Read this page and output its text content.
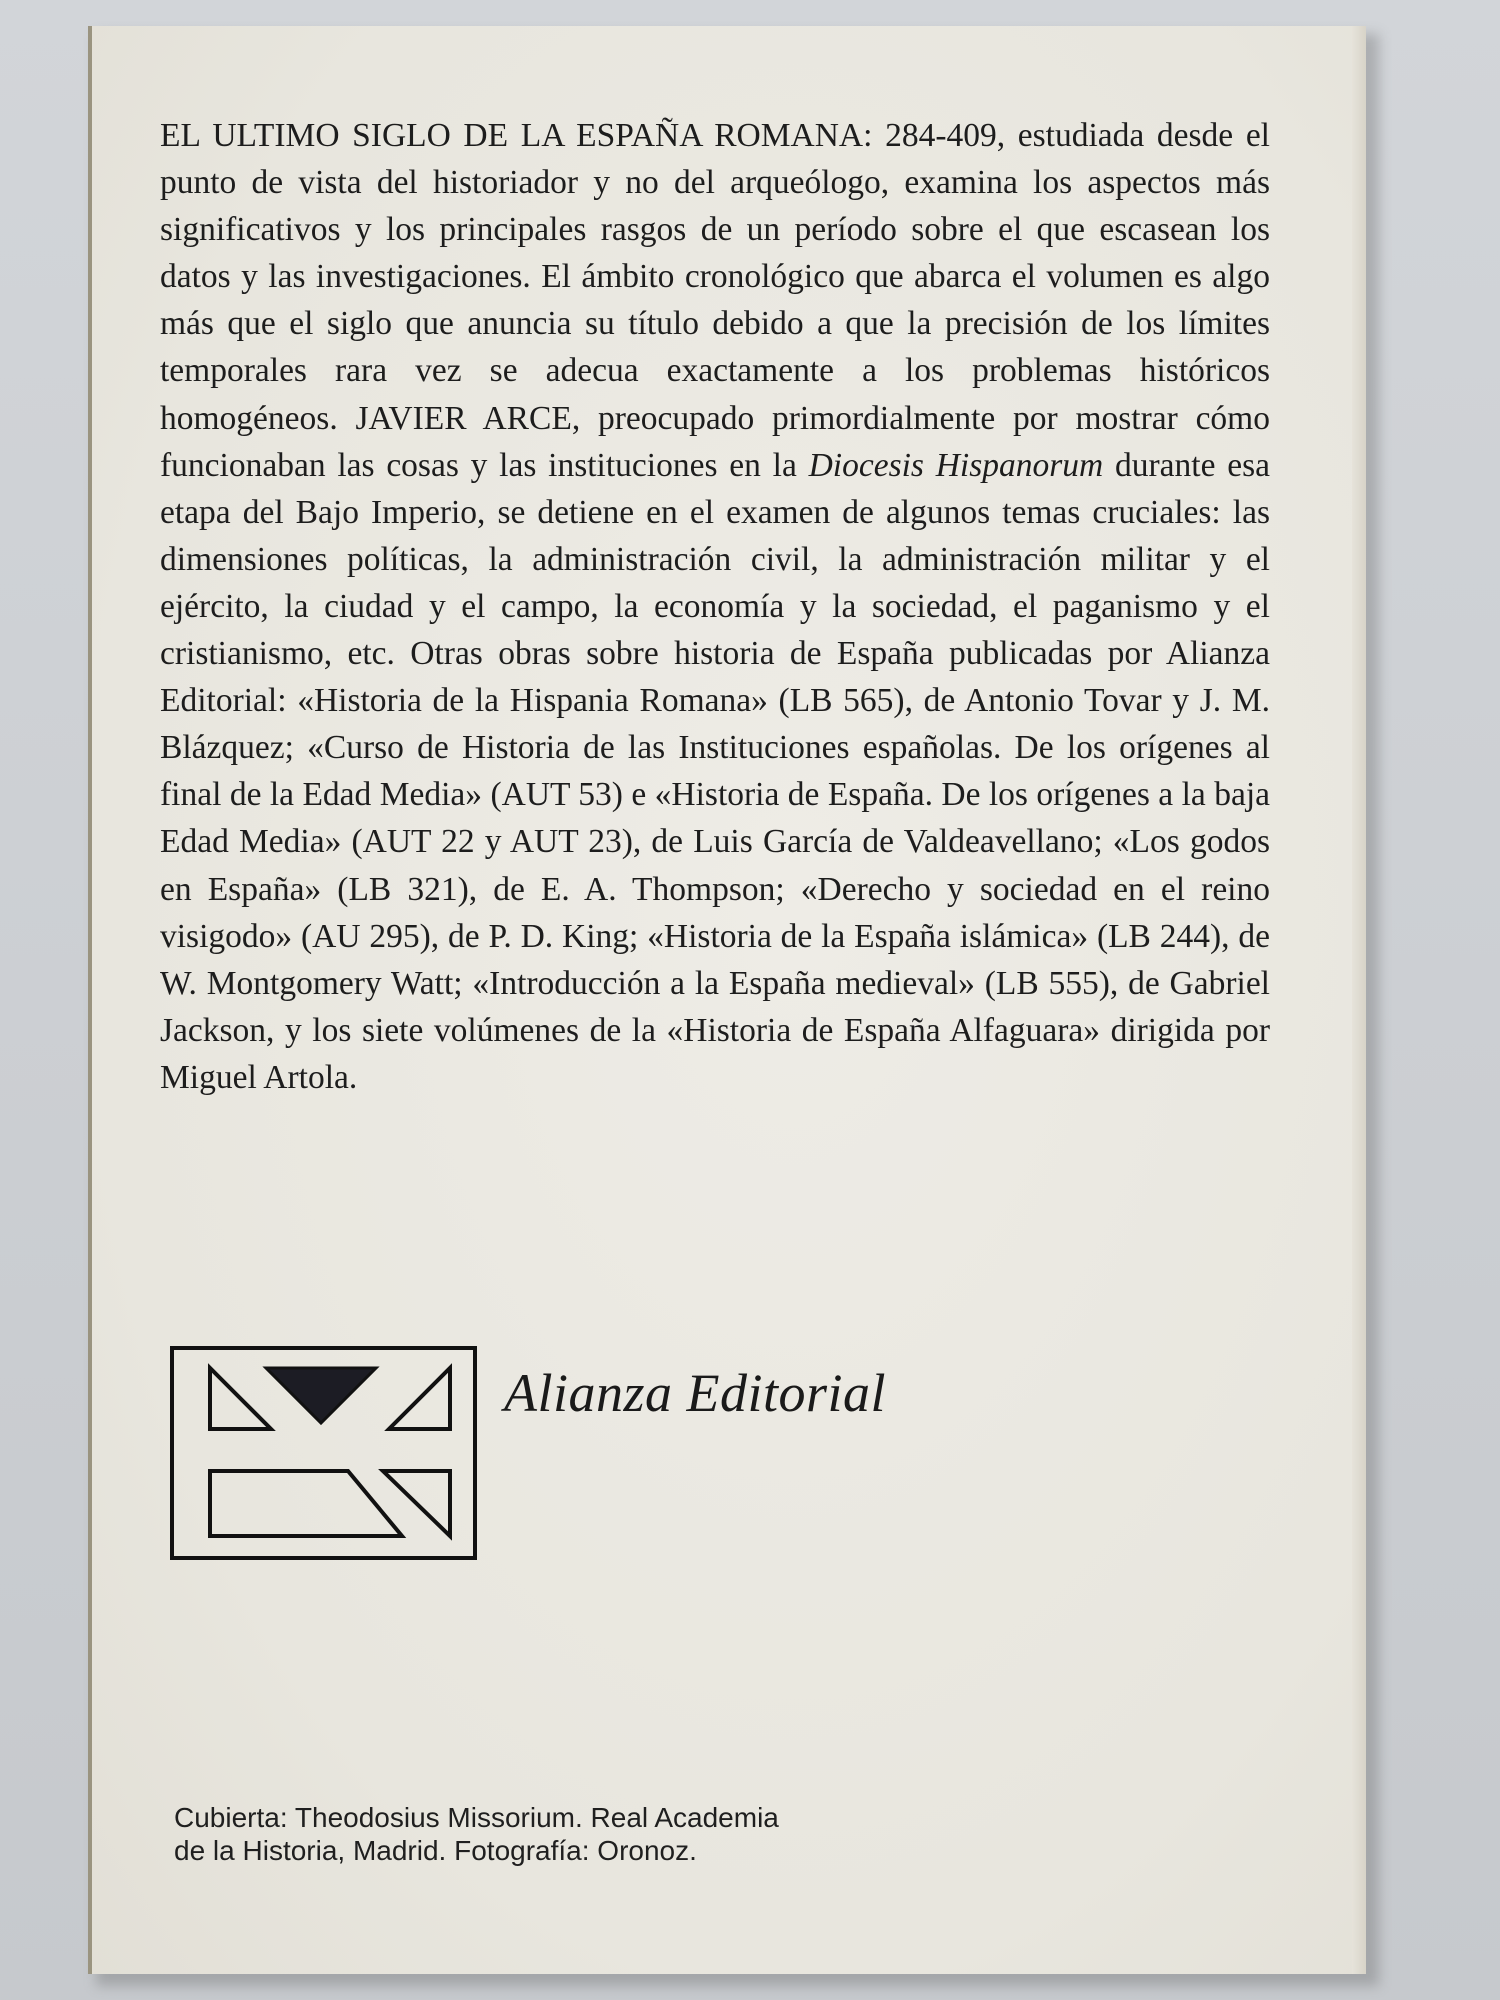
EL ULTIMO SIGLO DE LA ESPAÑA ROMANA: 284-409, estudiada desde el punto de vista del historiador y no del arqueólogo, examina los aspectos más significativos y los principales rasgos de un período sobre el que escasean los datos y las investigaciones. El ámbito cronológico que abarca el volumen es algo más que el siglo que anuncia su título debido a que la precisión de los límites temporales rara vez se adecua exactamente a los problemas históricos homogéneos. JAVIER ARCE, preocupado primordialmente por mostrar cómo funcionaban las cosas y las instituciones en la Diocesis Hispanorum durante esa etapa del Bajo Imperio, se detiene en el examen de algunos temas cruciales: las dimensiones políticas, la administración civil, la administración militar y el ejército, la ciudad y el campo, la economía y la sociedad, el paganismo y el cristianismo, etc. Otras obras sobre historia de España publicadas por Alianza Editorial: «Historia de la Hispania Romana» (LB 565), de Antonio Tovar y J. M. Blázquez; «Curso de Historia de las Instituciones españolas. De los orígenes al final de la Edad Media» (AUT 53) e «Historia de España. De los orígenes a la baja Edad Media» (AUT 22 y AUT 23), de Luis García de Valdeavellano; «Los godos en España» (LB 321), de E. A. Thompson; «Derecho y sociedad en el reino visigodo» (AU 295), de P. D. King; «Historia de la España islámica» (LB 244), de W. Montgomery Watt; «Introducción a la España medieval» (LB 555), de Gabriel Jackson, y los siete volúmenes de la «Historia de España Alfaguara» dirigida por Miguel Artola.

Alianza Editorial

Cubierta: Theodosius Missorium. Real Academia
de la Historia, Madrid. Fotografía: Oronoz.
